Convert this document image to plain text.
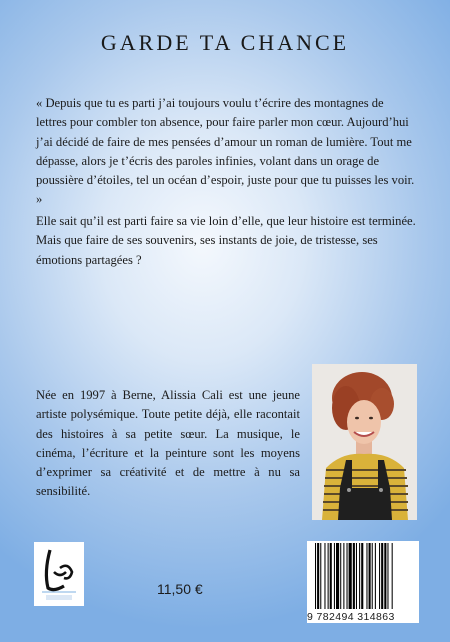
GARDE TA CHANCE

« Depuis que tu es parti j’ai toujours voulu t’écrire des montagnes de lettres pour combler ton absence, pour faire parler mon cœur. Aujourd’hui j’ai décidé de faire de mes pensées d’amour un roman de lumière. Tout me dépasse, alors je t’écris des paroles infinies, volant dans un orage de poussière d’étoiles, tel un océan d’espoir, juste pour que tu puisses les voir. »

Elle sait qu’il est parti faire sa vie loin d’elle, que leur histoire est terminée. Mais que faire de ses souvenirs, ses instants de joie, de tristesse, ses émotions partagées ?

Née en 1997 à Berne, Alissia Cali est une jeune artiste polysémique. Toute petite déjà, elle racontait des histoires à sa petite sœur. La musique, le cinéma, l’écriture et la peinture sont les moyens d’exprimer sa créativité et de mettre à nu sa sensibilité.

11,50 €
9 782494 314863
